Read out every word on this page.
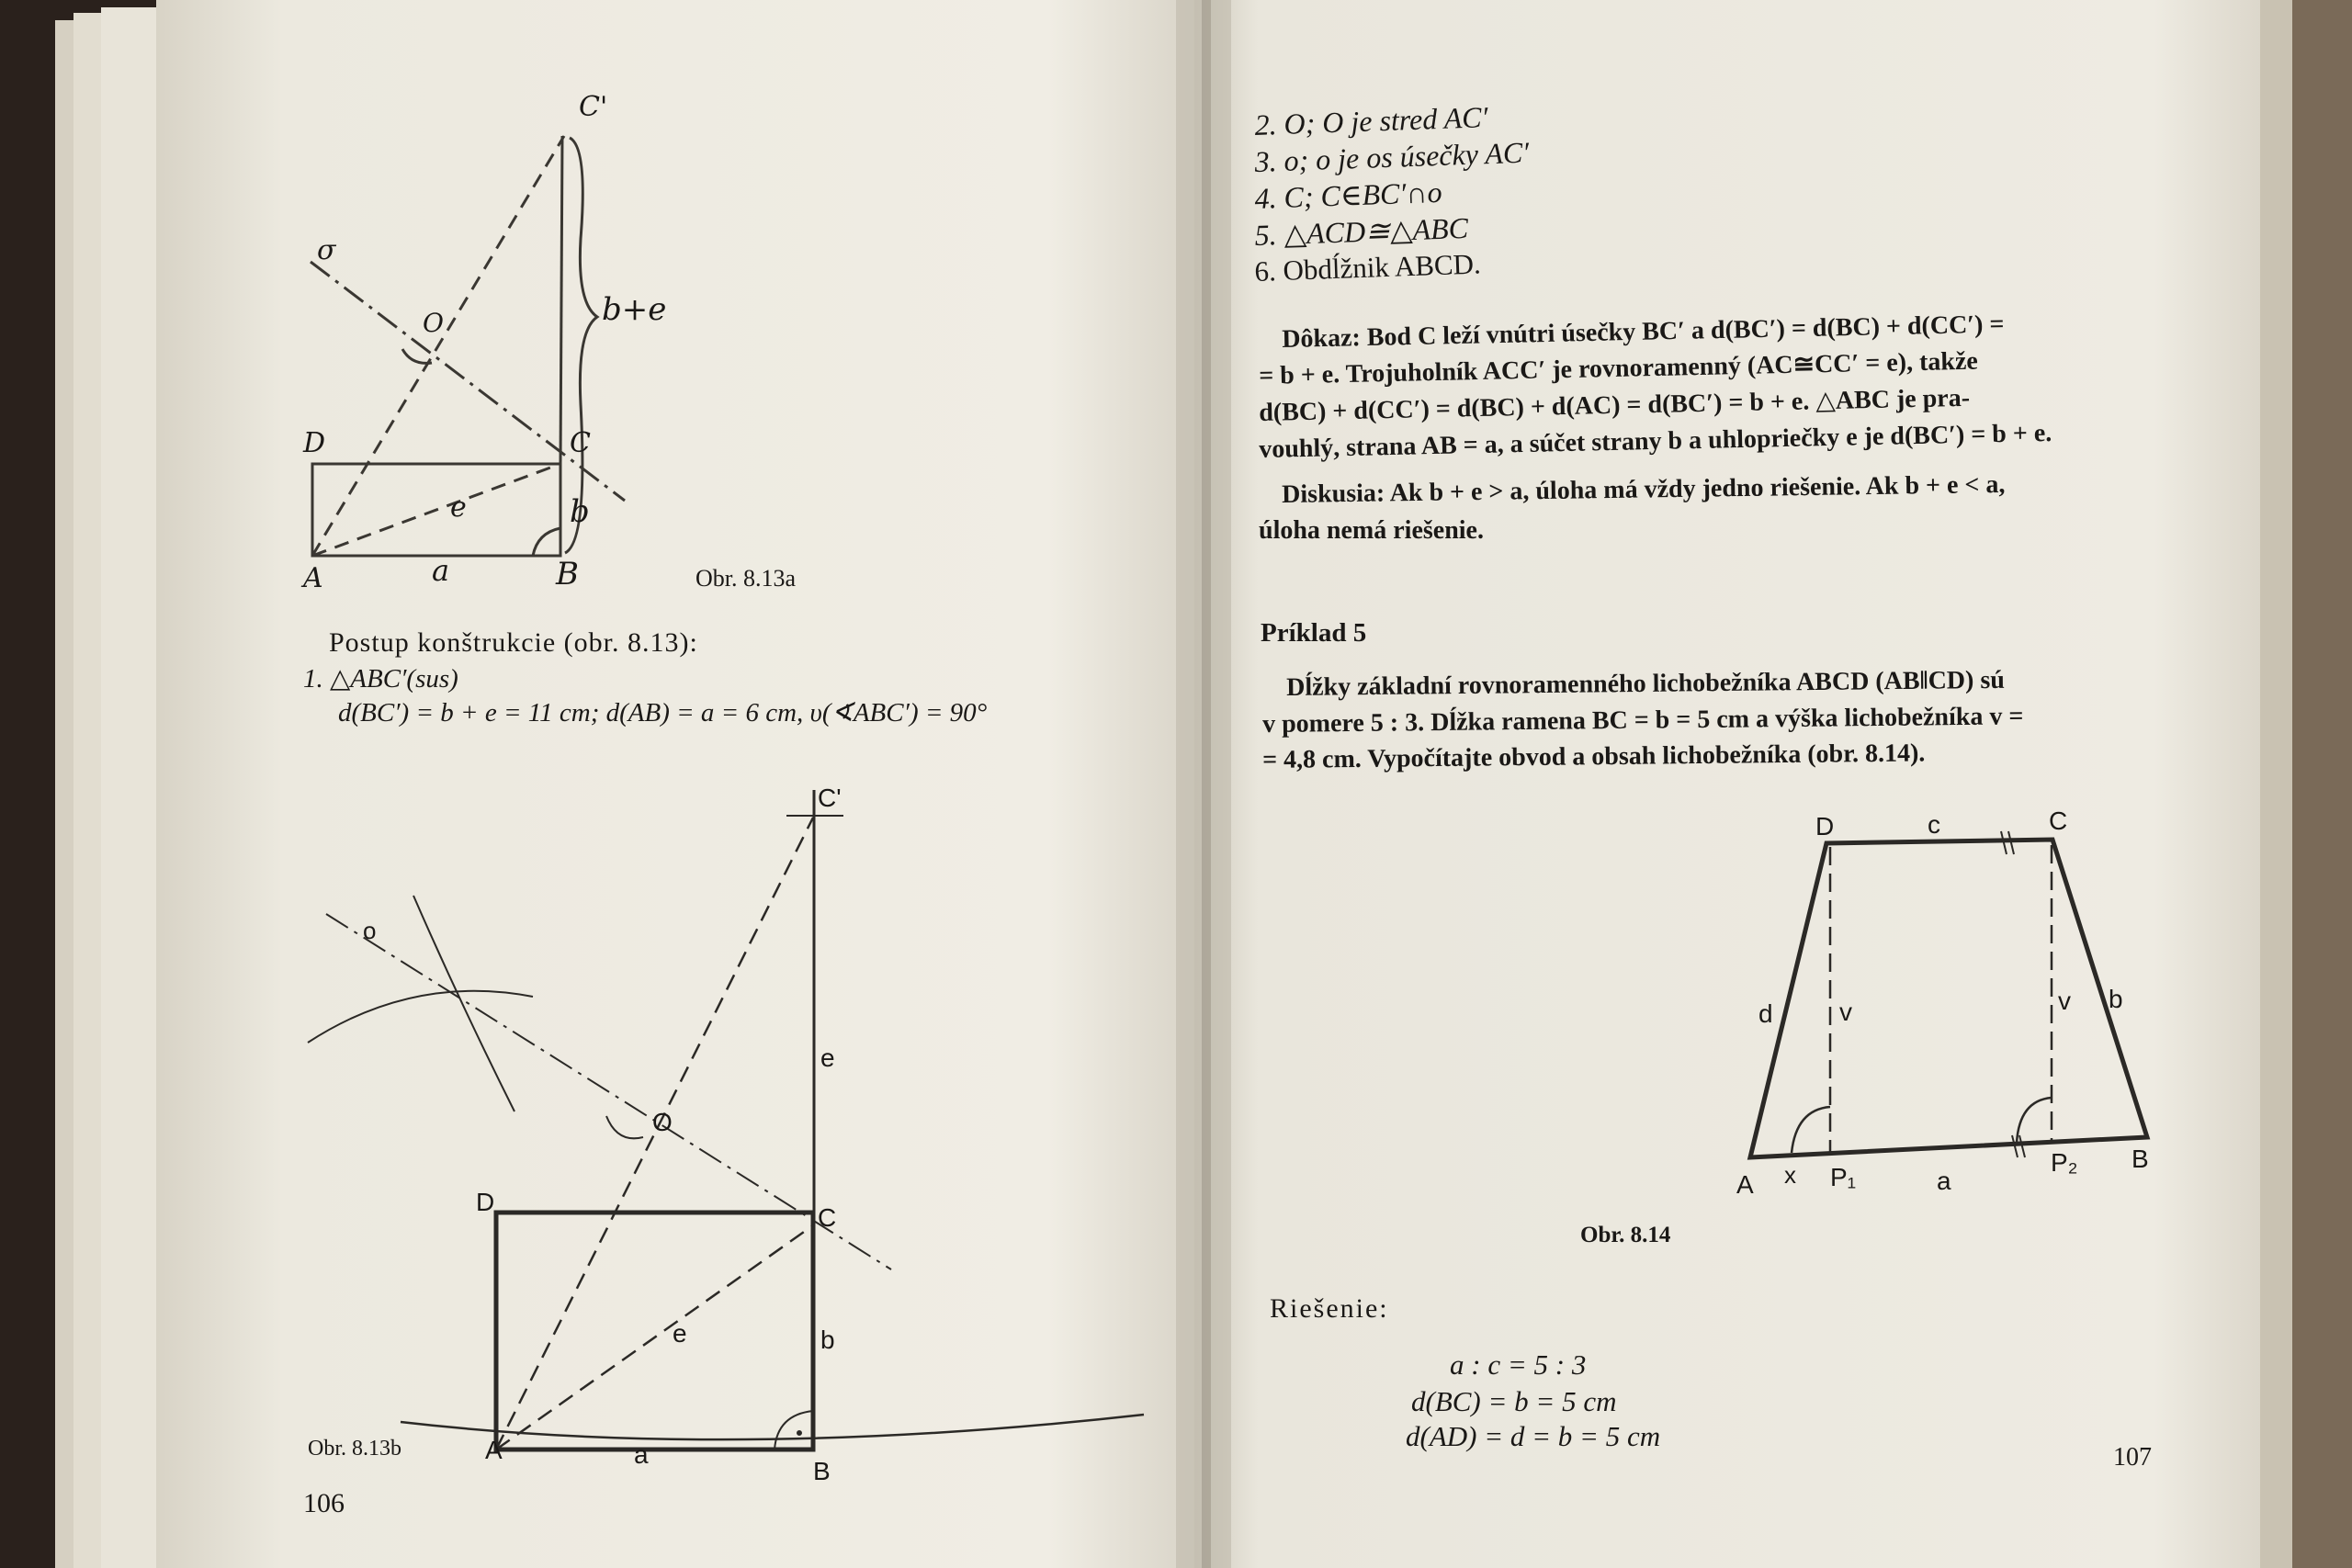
C'
σ
b+e
O
D	C
b
e
A	a	B	Obr. 8.13a
Postup konštrukcie (obr. 8.13):
1. △ABC′(sus)
d(BC′) = b + e = 11 cm; d(AB) = a = 6 cm, υ(∢ABC′) = 90°
C'
o
e
O
D
C
e	b
Obr. 8.13b	A	a
B
106
2. O; O je stred AC′
3. o; o je os úsečky AC′
4. C; C∈BC′∩o
5. △ACD≅△ABC
6. Obdĺžnik ABCD.
Dôkaz: Bod C leží vnútri úsečky BC′ a d(BC′) = d(BC) + d(CC′) =
= b + e. Trojuholník ACC′ je rovnoramenný (AC≅CC′ = e), takže
d(BC) + d(CC′) = d(BC) + d(AC) = d(BC′) = b + e. △ABC je pra-
vouhlý, strana AB = a, a súčet strany b a uhlopriečky e je d(BC′) = b + e.
Diskusia: Ak b + e > a, úloha má vždy jedno riešenie. Ak b + e < a,
úloha nemá riešenie.
Príklad 5
Dĺžky základní rovnoramenného lichobežníka ABCD (AB‖CD) sú
v pomere 5 : 3. Dĺžka ramena BC = b = 5 cm a výška lichobežníka v =
= 4,8 cm. Vypočítajte obvod a obsah lichobežníka (obr. 8.14).
D	c	C
d	v	v b
A x P₁	a
P₂ B
Obr. 8.14
Riešenie:
a : c = 5 : 3
d(BC) = b = 5 cm
d(AD) = d = b = 5 cm
107
